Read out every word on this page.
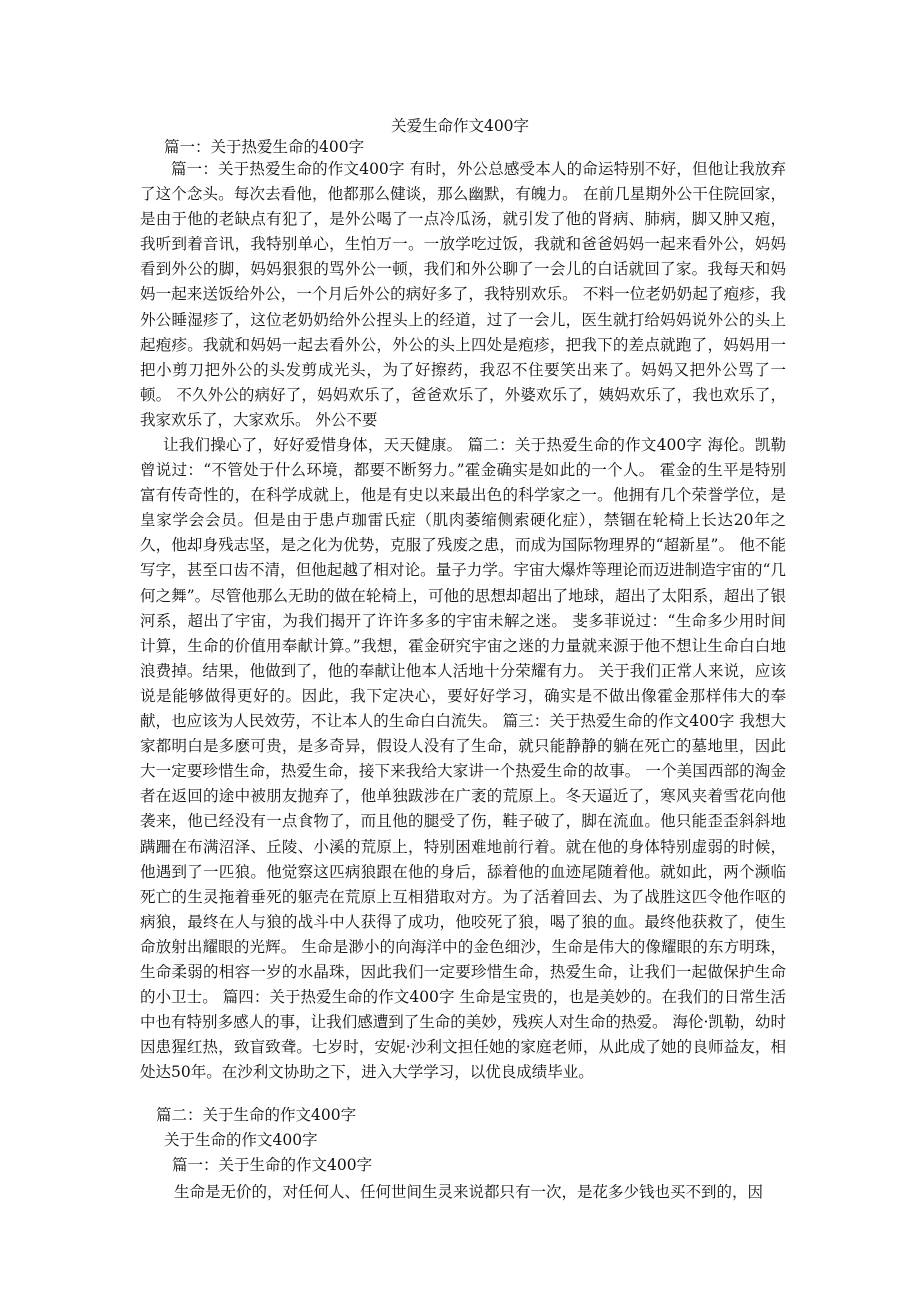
关爱生命作文400字
篇一：关于热爱生命的400字
篇一：关于热爱生命的作文400字 有时，外公总感受本人的命运特别不好，但他让我放弃了这个念头。每次去看他，他都那么健谈，那么幽默，有魄力。 在前几星期外公干住院回家，是由于他的老缺点有犯了，是外公喝了一点冷瓜汤，就引发了他的肾病、肺病，脚又肿又疱，我听到着音讯，我特别单心，生怕万一。一放学吃过饭，我就和爸爸妈妈一起来看外公，妈妈看到外公的脚，妈妈狠狠的骂外公一顿，我们和外公聊了一会儿的白话就回了家。我每天和妈妈一起来送饭给外公，一个月后外公的病好多了，我特别欢乐。 不料一位老奶奶起了疱疹，我外公睡湿疹了，这位老奶奶给外公捏头上的经道，过了一会儿，医生就打给妈妈说外公的头上起疱疹。我就和妈妈一起去看外公，外公的头上四处是疱疹，把我下的差点就跑了，妈妈用一把小剪刀把外公的头发剪成光头，为了好擦药，我忍不住要笑出来了。妈妈又把外公骂了一顿。 不久外公的病好了，妈妈欢乐了，爸爸欢乐了，外婆欢乐了，姨妈欢乐了，我也欢乐了，我家欢乐了，大家欢乐。 外公不要
让我们操心了，好好爱惜身体，天天健康。 篇二：关于热爱生命的作文400字 海伦。凯勒曾说过：“不管处于什么环境，都要不断努力。”霍金确实是如此的一个人。 霍金的生平是特别富有传奇性的，在科学成就上，他是有史以来最出色的科学家之一。他拥有几个荣誉学位，是皇家学会会员。但是由于患卢珈雷氏症（肌肉萎缩侧索硬化症），禁锢在轮椅上长达20年之久，他却身残志坚，是之化为优势，克服了残废之患，而成为国际物理界的“超新星”。 他不能写字，甚至口齿不清，但他起越了相对论。量子力学。宇宙大爆炸等理论而迈进制造宇宙的“几何之舞”。尽管他那么无助的做在轮椅上，可他的思想却超出了地球，超出了太阳系，超出了银河系，超出了宇宙，为我们揭开了许许多多的宇宙未解之迷。 斐多菲说过：“生命多少用时间计算，生命的价值用奉献计算。”我想，霍金研究宇宙之迷的力量就来源于他不想让生命白白地浪费掉。结果，他做到了，他的奉献让他本人活地十分荣耀有力。 关于我们正常人来说，应该说是能够做得更好的。因此，我下定决心，要好好学习，确实是不做出像霍金那样伟大的奉献，也应该为人民效劳，不让本人的生命白白流失。 篇三：关于热爱生命的作文400字 我想大家都明白是多麽可贵，是多奇异，假设人没有了生命，就只能静静的躺在死亡的墓地里，因此大一定要珍惜生命，热爱生命，接下来我给大家讲一个热爱生命的故事。 一个美国西部的淘金者在返回的途中被朋友抛弃了，他单独跋涉在广袤的荒原上。冬天逼近了，寒风夹着雪花向他袭来，他已经没有一点食物了，而且他的腿受了伤，鞋子破了，脚在流血。他只能歪歪斜斜地蹒跚在布满沼泽、丘陵、小溪的荒原上，特别困难地前行着。就在他的身体特别虚弱的时候，他遇到了一匹狼。他觉察这匹病狼跟在他的身后，舔着他的血迹尾随着他。就如此，两个濒临死亡的生灵拖着垂死的躯壳在荒原上互相猎取对方。为了活着回去、为了战胜这匹令他作呕的病狼，最终在人与狼的战斗中人获得了成功，他咬死了狼，喝了狼的血。最终他获救了，使生命放射出耀眼的光辉。 生命是渺小的向海洋中的金色细沙，生命是伟大的像耀眼的东方明珠，生命柔弱的相容一岁的水晶珠，因此我们一定要珍惜生命，热爱生命，让我们一起做保护生命的小卫士。 篇四：关于热爱生命的作文400字 生命是宝贵的，也是美妙的。在我们的日常生活中也有特别多感人的事，让我们感遭到了生命的美妙，残疾人对生命的热爱。 海伦·凯勒，幼时因患猩红热，致盲致聋。七岁时，安妮·沙利文担任她的家庭老师，从此成了她的良师益友，相处达50年。在沙利文协助之下，进入大学学习，以优良成绩毕业。
篇二：关于生命的作文400字
关于生命的作文400字
篇一：关于生命的作文400字
生命是无价的，对任何人、任何世间生灵来说都只有一次，是花多少钱也买不到的，因
